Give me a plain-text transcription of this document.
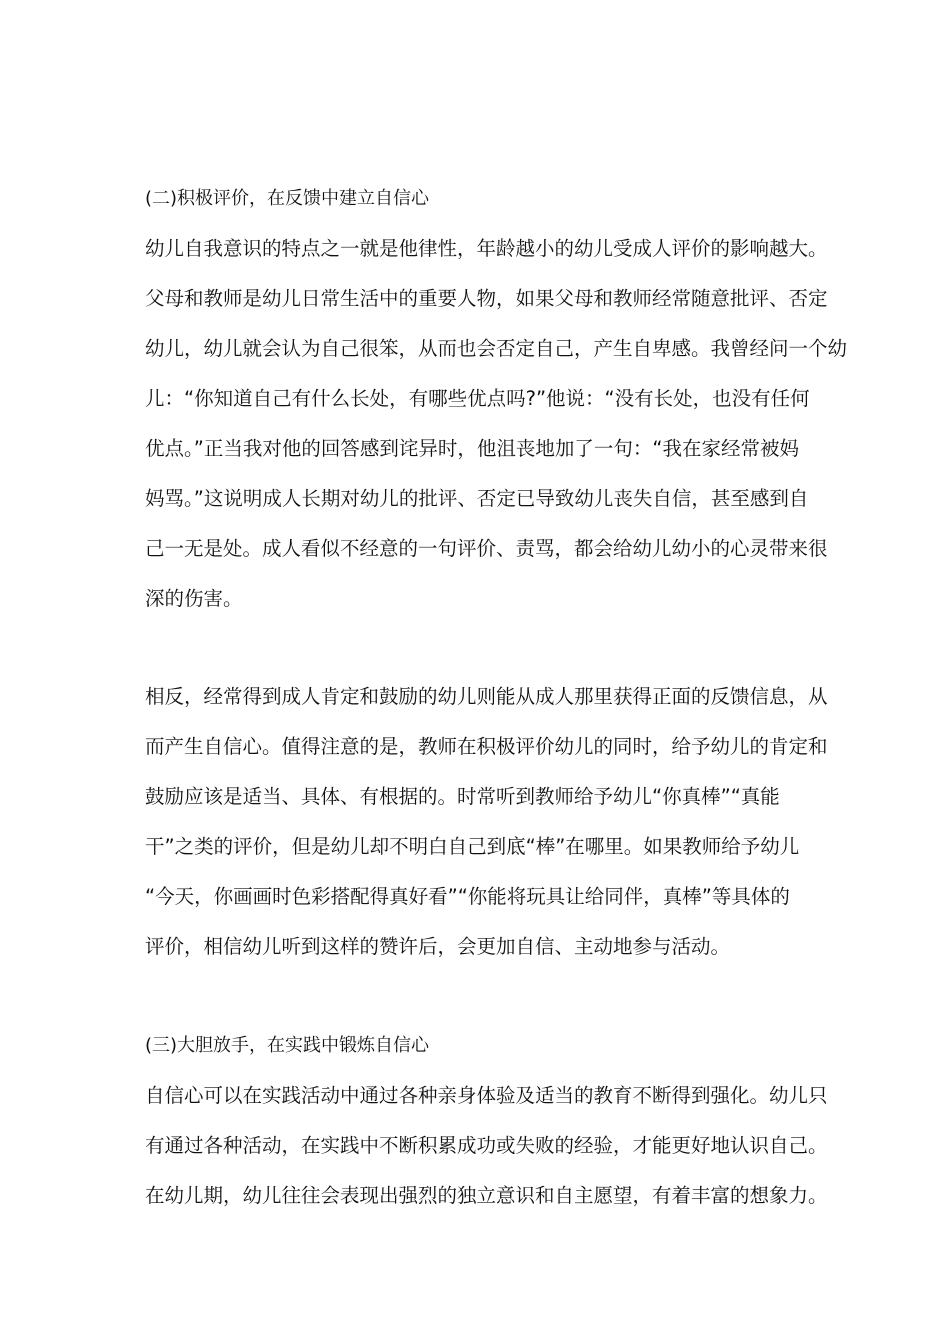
(二)积极评价，在反馈中建立自信心
幼儿自我意识的特点之一就是他律性，年龄越小的幼儿受成人评价的影响越大。
父母和教师是幼儿日常生活中的重要人物，如果父母和教师经常随意批评、否定
幼儿，幼儿就会认为自己很笨，从而也会否定自己，产生自卑感。我曾经问一个幼
儿：“你知道自己有什么长处，有哪些优点吗?”他说：“没有长处，也没有任何
优点。”正当我对他的回答感到诧异时，他沮丧地加了一句：“我在家经常被妈
妈骂。”这说明成人长期对幼儿的批评、否定已导致幼儿丧失自信，甚至感到自
己一无是处。成人看似不经意的一句评价、责骂，都会给幼儿幼小的心灵带来很
深的伤害。
相反，经常得到成人肯定和鼓励的幼儿则能从成人那里获得正面的反馈信息，从
而产生自信心。值得注意的是，教师在积极评价幼儿的同时，给予幼儿的肯定和
鼓励应该是适当、具体、有根据的。时常听到教师给予幼儿“你真棒”“真能
干”之类的评价，但是幼儿却不明白自己到底“棒”在哪里。如果教师给予幼儿
“今天，你画画时色彩搭配得真好看”“你能将玩具让给同伴，真棒”等具体的
评价，相信幼儿听到这样的赞许后，会更加自信、主动地参与活动。
(三)大胆放手，在实践中锻炼自信心
自信心可以在实践活动中通过各种亲身体验及适当的教育不断得到强化。幼儿只
有通过各种活动，在实践中不断积累成功或失败的经验，才能更好地认识自己。
在幼儿期，幼儿往往会表现出强烈的独立意识和自主愿望，有着丰富的想象力。
